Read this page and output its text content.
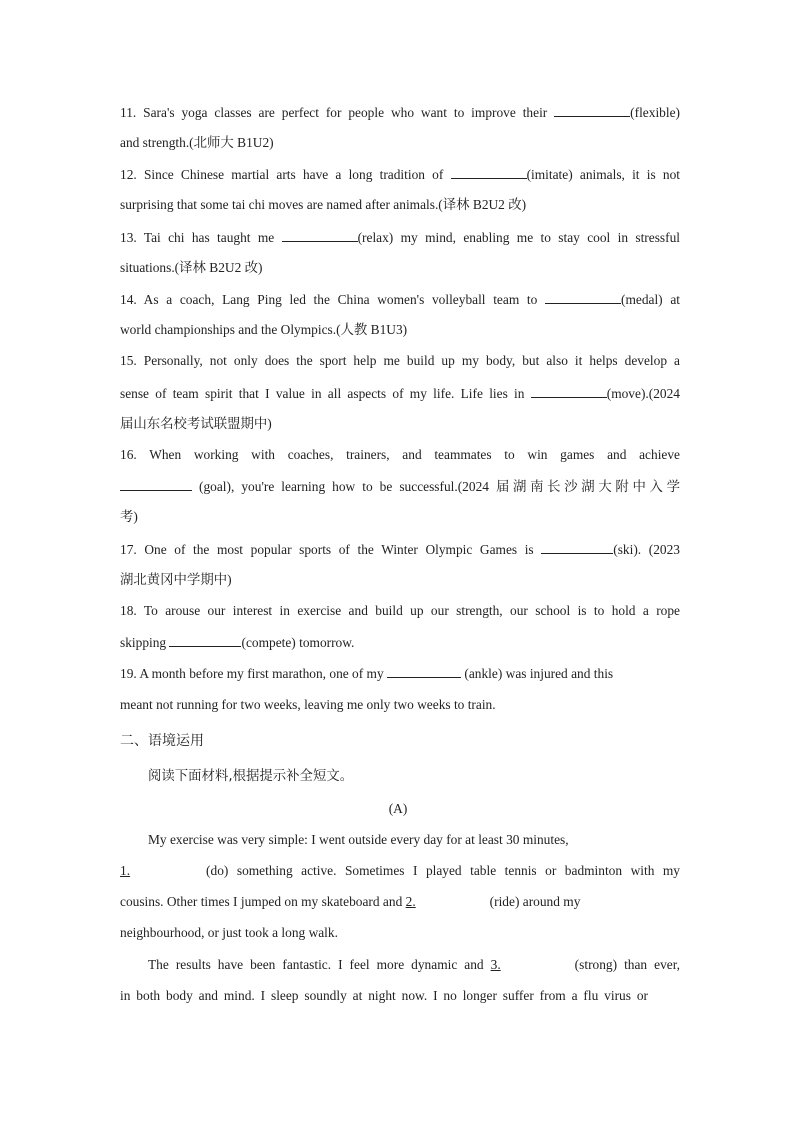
11. Sara's yoga classes are perfect for people who want to improve their	(flexible)
and strength.(北师大 B1U2)
12. Since Chinese martial arts have a long tradition of	(imitate) animals, it is not
surprising that some tai chi moves are named after animals.(译林 B2U2 改)
13. Tai chi has taught me	(relax) my mind, enabling me to stay cool in stressful
situations.(译林 B2U2 改)
14. As a coach, Lang Ping led the China women's volleyball team to	(medal) at
world championships and the Olympics.(人教 B1U3)
15. Personally, not only does the sport help me build up my body, but also it helps develop a
sense of team spirit that I value in all aspects of my life. Life lies in	(move).(2024
届山东名校考试联盟期中)
16. When working with coaches, trainers, and teammates to win games and achieve
(goal), you're learning how to be successful.(2024 届湖南长沙湖大附中入学
考)
17. One of the most popular sports of the Winter Olympic Games is	(ski). (2023
湖北黄冈中学期中)
18. To arouse our interest in exercise and build up our strength, our school is to hold a rope
skipping	(compete) tomorrow.
19. A month before my first marathon, one of my	(ankle) was injured and this
meant not running for two weeks, leaving me only two weeks to train.
二、语境运用
阅读下面材料,根据提示补全短文。
(A)
My exercise was very simple: I went outside every day for at least 30 minutes,
1.	(do) something active. Sometimes I played table tennis or badminton with my
cousins. Other times I jumped on my skateboard and 2.	(ride) around my
neighbourhood, or just took a long walk.
The results have been fantastic. I feel more dynamic and 3.	(strong) than ever,
in both body and mind. I sleep soundly at night now. I no longer suffer from a flu virus or
